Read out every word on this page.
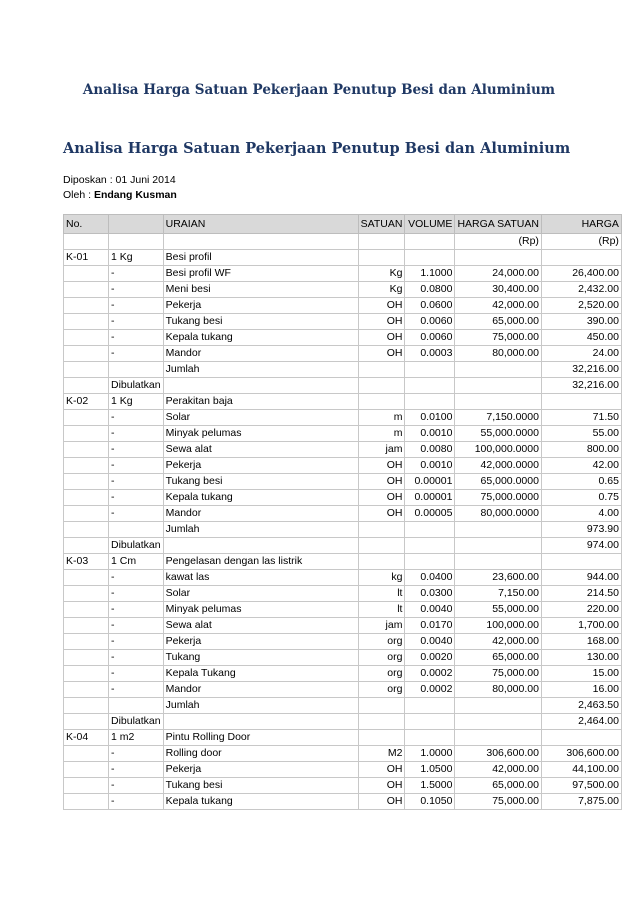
Analisa Harga Satuan Pekerjaan Penutup Besi dan Aluminium
Analisa Harga Satuan Pekerjaan Penutup Besi dan Aluminium
Diposkan : 01 Juni 2014
Oleh : Endang Kusman
No.		URAIAN	SATUAN	VOLUME	HARGA SATUAN	HARGA
					(Rp)	(Rp)
K-01	1 Kg	Besi profil				
	-	Besi profil WF	Kg	1.1000	24,000.00	26,400.00
	-	Meni besi	Kg	0.0800	30,400.00	2,432.00
	-	Pekerja	OH	0.0600	42,000.00	2,520.00
	-	Tukang besi	OH	0.0060	65,000.00	390.00
	-	Kepala tukang	OH	0.0060	75,000.00	450.00
	-	Mandor	OH	0.0003	80,000.00	24.00
		Jumlah				32,216.00
	Dibulatkan					32,216.00
K-02	1 Kg	Perakitan baja				
	-	Solar	m	0.0100	7,150.0000	71.50
	-	Minyak pelumas	m	0.0010	55,000.0000	55.00
	-	Sewa alat	jam	0.0080	100,000.0000	800.00
	-	Pekerja	OH	0.0010	42,000.0000	42.00
	-	Tukang besi	OH	0.00001	65,000.0000	0.65
	-	Kepala tukang	OH	0.00001	75,000.0000	0.75
	-	Mandor	OH	0.00005	80,000.0000	4.00
		Jumlah				973.90
	Dibulatkan					974.00
K-03	1 Cm	Pengelasan dengan las listrik				
	-	kawat las	kg	0.0400	23,600.00	944.00
	-	Solar	lt	0.0300	7,150.00	214.50
	-	Minyak pelumas	lt	0.0040	55,000.00	220.00
	-	Sewa alat	jam	0.0170	100,000.00	1,700.00
	-	Pekerja	org	0.0040	42,000.00	168.00
	-	Tukang	org	0.0020	65,000.00	130.00
	-	Kepala Tukang	org	0.0002	75,000.00	15.00
	-	Mandor	org	0.0002	80,000.00	16.00
		Jumlah				2,463.50
	Dibulatkan					2,464.00
K-04	1 m2	Pintu Rolling Door				
	-	Rolling door	M2	1.0000	306,600.00	306,600.00
	-	Pekerja	OH	1.0500	42,000.00	44,100.00
	-	Tukang besi	OH	1.5000	65,000.00	97,500.00
	-	Kepala tukang	OH	0.1050	75,000.00	7,875.00
